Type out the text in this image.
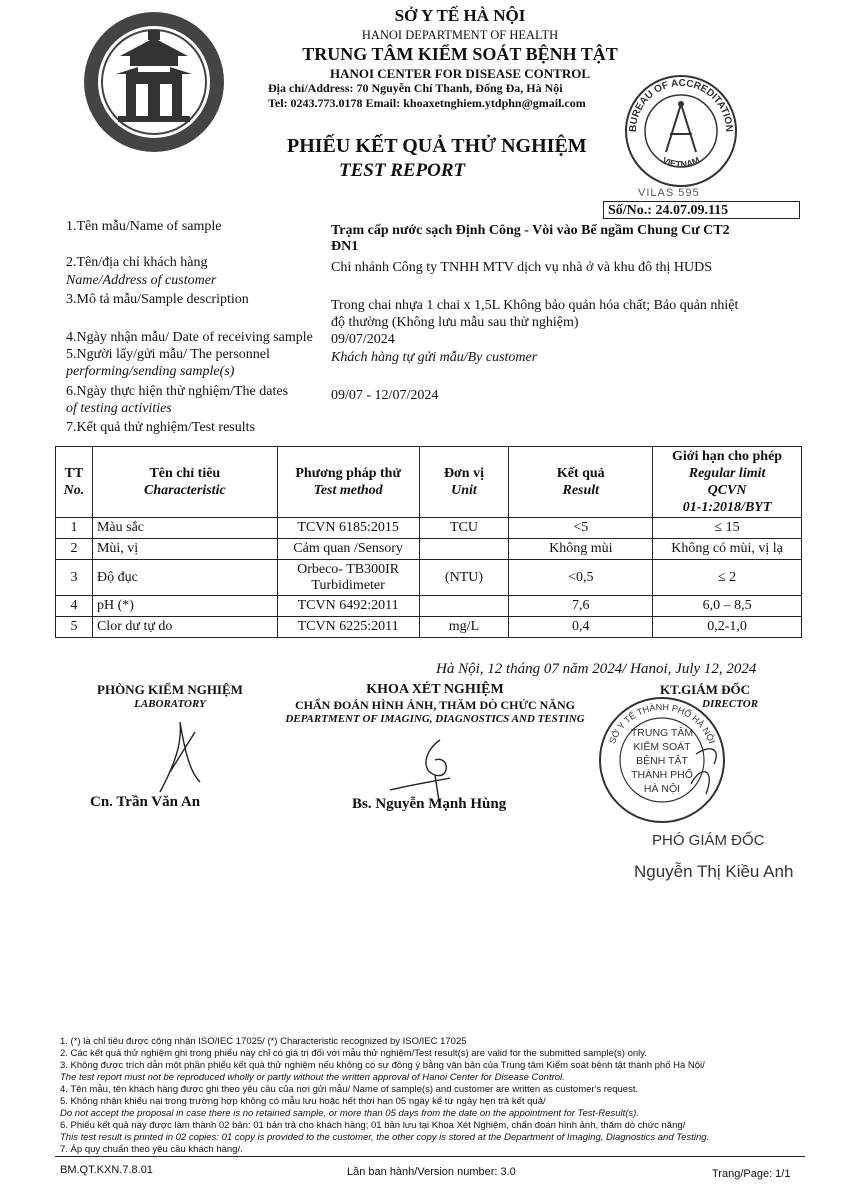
SỞ Y TẾ HÀ NỘI
HANOI DEPARTMENT OF HEALTH
TRUNG TÂM KIỂM SOÁT BỆNH TẬT
HANOI CENTER FOR DISEASE CONTROL
Địa chỉ/Address: 70 Nguyễn Chí Thanh, Đống Đa, Hà Nội
Tel: 0243.773.0178 Email: khoaxetnghiem.ytdphn@gmail.com
PHIẾU KẾT QUẢ THỬ NGHIỆM
TEST REPORT
BUREAU OF ACCREDITATION
VIETNAM
VILAS 595
Số/No.: 24.07.09.115
1.Tên mẫu/Name of sample	Trạm cấp nước sạch Định Công - Vòi vào Bể ngầm Chung Cư CT2
ĐN1
2.Tên/địa chỉ khách hàng
Name/Address of customer
Chi nhánh Công ty TNHH MTV dịch vụ nhà ở và khu đô thị HUDS
3.Mô tả mẫu/Sample description	Trong chai nhựa 1 chai x 1,5L Không bảo quản hóa chất; Bảo quản nhiệt
độ thường (Không lưu mẫu sau thử nghiệm)
4.Ngày nhận mẫu/ Date of receiving sample 09/07/2024
5.Người lấy/gửi mẫu/ The personnel
performing/sending sample(s)
Khách hàng tự gửi mẫu/By customer
6.Ngày thực hiện thử nghiệm/The dates
of testing activities
09/07 - 12/07/2024
7.Kết quả thử nghiệm/Test results
TT
No.	Tên chỉ tiêu
Characteristic	Phương pháp thử
Test method	Đơn vị
Unit	Kết quả
Result	Giới hạn cho phép
Regular limit
QCVN
01-1:2018/BYT
1	Màu sắc	TCVN 6185:2015	TCU	<5	≤ 15
2	Mùi, vị	Cảm quan /Sensory		Không mùi	Không có mùi, vị lạ
3	Độ đục	Orbeco- TB300IR
Turbidimeter	(NTU)	<0,5	≤ 2
4	pH (*)	TCVN 6492:2011		7,6	6,0 – 8,5
5	Clor dư tự do	TCVN 6225:2011	mg/L	0,4	0,2-1,0
Hà Nội, 12 tháng 07 năm 2024/ Hanoi, July 12, 2024
PHÒNG KIỂM NGHIỆM
LABORATORY
Cn. Trần Văn An
KHOA XÉT NGHIỆM
CHẨN ĐOÁN HÌNH ẢNH, THĂM DÒ CHỨC NĂNG
DEPARTMENT OF IMAGING, DIAGNOSTICS AND TESTING
Bs. Nguyễn Mạnh Hùng
KT.GIÁM ĐỐC
DIRECTOR
SỞ Y TẾ THÀNH PHỐ HÀ NỘI
TRUNG TÂM
KIỂM SOÁT
BỆNH TẬT
THÀNH PHỐ
HÀ NỘI
PHÓ GIÁM ĐỐC
Nguyễn Thị Kiều Anh
1. (*) là chỉ tiêu được công nhận ISO/IEC 17025/ (*) Characteristic recognized by ISO/IEC 17025
2. Các kết quả thử nghiệm ghi trong phiếu này chỉ có giá trị đối với mẫu thử nghiệm/Test result(s) are valid for the submitted sample(s) only.
3. Không được trích dẫn một phần phiếu kết quả thử nghiệm nếu không có sự đồng ý bằng văn bản của Trung tâm Kiểm soát bệnh tật thành phố Hà Nội/
The test report must not be reproduced wholly or partly without the written approval of Hanoi Center for Disease Control.
4. Tên mẫu, tên khách hàng được ghi theo yêu cầu của nơi gửi mẫu/ Name of sample(s) and customer are written as customer's request.
5. Không nhận khiếu nại trong trường hợp không có mẫu lưu hoặc hết thời hạn 05 ngày kể từ ngày hẹn trả kết quả/
Do not accept the proposal in case there is no retained sample, or more than 05 days from the date on the appointment for Test-Result(s).
6. Phiếu kết quả này được làm thành 02 bản: 01 bản trả cho khách hàng; 01 bản lưu tại Khoa Xét Nghiệm, chẩn đoán hình ảnh, thăm dò chức năng/
This test result is printed in 02 copies: 01 copy is provided to the customer, the other copy is stored at the Department of Imaging, Diagnostics and Testing.
7. Áp quy chuẩn theo yêu cầu khách hàng/.
BM.QT.KXN.7.8.01	Lần ban hành/Version number: 3.0	Trang/Page: 1/1
